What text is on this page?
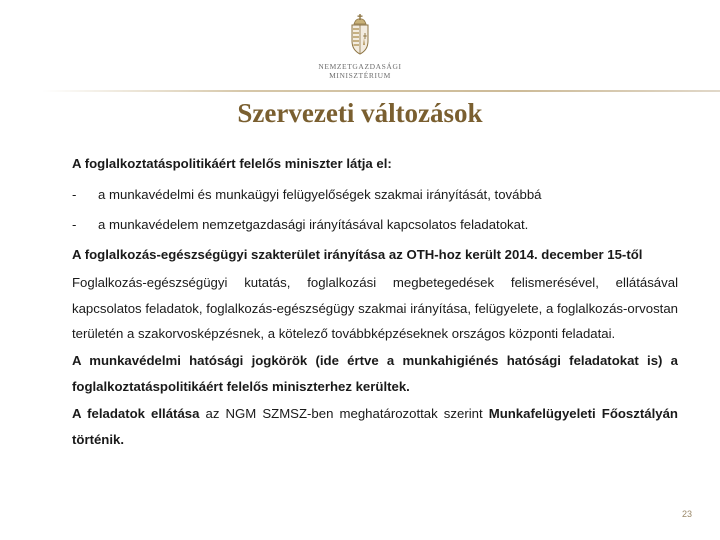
NEMZETGAZDASÁGI
MINISZTÉRIUM
Szervezeti változások

A foglalkoztatáspolitikáért felelős miniszter látja el:

-	a munkavédelmi és munkaügyi felügyelőségek szakmai irányítását, továbbá
-	a munkavédelem nemzetgazdasági irányításával kapcsolatos feladatokat.

A foglalkozás-egészségügyi szakterület irányítása az OTH-hoz került 2014. december 15-től

Foglalkozás-egészségügyi kutatás, foglalkozási megbetegedések felismerésével, ellátásával kapcsolatos feladatok, foglalkozás-egészségügy szakmai irányítása, felügyelete, a foglalkozás-orvostan területén a szakorvosképzésnek, a kötelező továbbképzéseknek országos központi feladatai.

A munkavédelmi hatósági jogkörök (ide értve a munkahigiénés hatósági feladatokat is) a foglalkoztatáspolitikáért felelős miniszterhez kerültek.

A feladatok ellátása az NGM SZMSZ-ben meghatározottak szerint Munkafelügyeleti Főosztályán történik.

23
